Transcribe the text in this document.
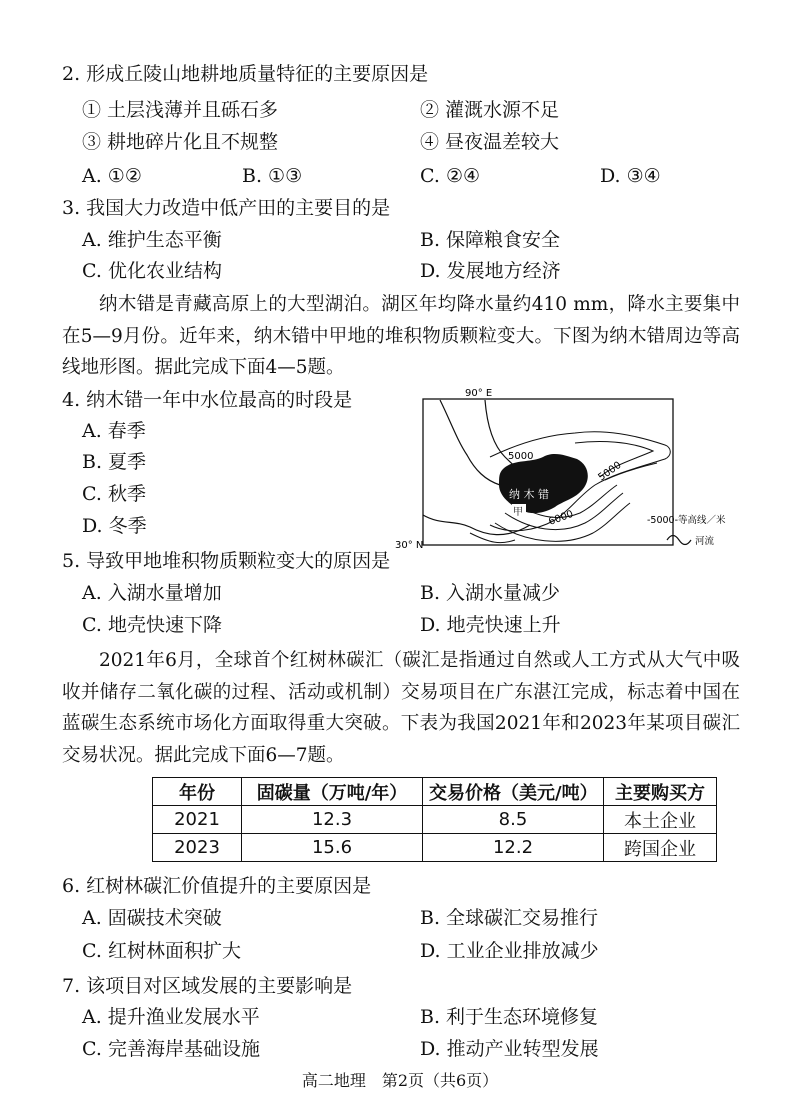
2. 形成丘陵山地耕地质量特征的主要原因是
① 土层浅薄并且砾石多	② 灌溉水源不足
③ 耕地碎片化且不规整	④ 昼夜温差较大
A. ①②	B. ①③	C. ②④	D. ③④
3. 我国大力改造中低产田的主要目的是
A. 维护生态平衡	B. 保障粮食安全
C. 优化农业结构	D. 发展地方经济
纳木错是青藏高原上的大型湖泊。湖区年均降水量约410 mm，降水主要集中在5—9月份。近年来，纳木错中甲地的堆积物质颗粒变大。下图为纳木错周边等高线地形图。据此完成下面4—5题。
4. 纳木错一年中水位最高的时段是
A. 春季
B. 夏季
C. 秋季
D. 冬季
90° E
纳 木 错
甲
5000
5000
6000
30° N
-5000-等高线／米
河流
5. 导致甲地堆积物质颗粒变大的原因是
A. 入湖水量增加	B. 入湖水量减少
C. 地壳快速下降	D. 地壳快速上升
2021年6月，全球首个红树林碳汇（碳汇是指通过自然或人工方式从大气中吸收并储存二氧化碳的过程、活动或机制）交易项目在广东湛江完成，标志着中国在蓝碳生态系统市场化方面取得重大突破。下表为我国2021年和2023年某项目碳汇交易状况。据此完成下面6—7题。
年份	固碳量（万吨/年）	交易价格（美元/吨）	主要购买方
2021	12.3	8.5	本土企业
2023	15.6	12.2	跨国企业
6. 红树林碳汇价值提升的主要原因是
A. 固碳技术突破	B. 全球碳汇交易推行
C. 红树林面积扩大	D. 工业企业排放减少
7. 该项目对区域发展的主要影响是
A. 提升渔业发展水平	B. 利于生态环境修复
C. 完善海岸基础设施	D. 推动产业转型发展
高二地理　第2页（共6页）
